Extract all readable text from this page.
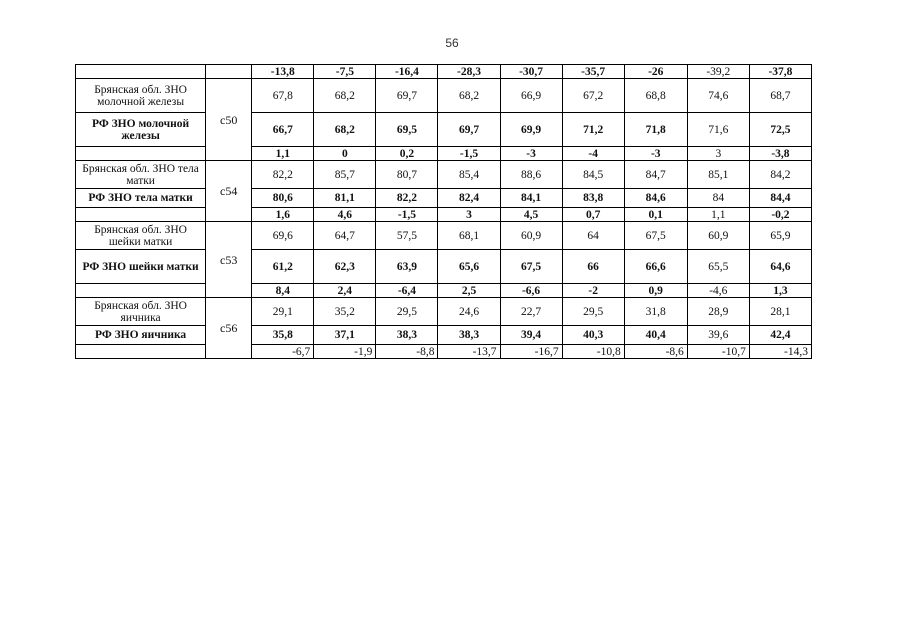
56
		-13,8	-7,5	-16,4	-28,3	-30,7	-35,7	-26	-39,2	-37,8
Брянская обл. ЗНО молочной железы	с50	67,8	68,2	69,7	68,2	66,9	67,2	68,8	74,6	68,7
РФ ЗНО молочной железы		66,7	68,2	69,5	69,7	69,9	71,2	71,8	71,6	72,5
		1,1	0	0,2	-1,5	-3	-4	-3	3	-3,8
Брянская обл. ЗНО тела матки	с54	82,2	85,7	80,7	85,4	88,6	84,5	84,7	85,1	84,2
РФ ЗНО тела матки		80,6	81,1	82,2	82,4	84,1	83,8	84,6	84	84,4
		1,6	4,6	-1,5	3	4,5	0,7	0,1	1,1	-0,2
Брянская обл. ЗНО шейки матки	с53	69,6	64,7	57,5	68,1	60,9	64	67,5	60,9	65,9
РФ ЗНО шейки матки		61,2	62,3	63,9	65,6	67,5	66	66,6	65,5	64,6
		8,4	2,4	-6,4	2,5	-6,6	-2	0,9	-4,6	1,3
Брянская обл. ЗНО яичника	с56	29,1	35,2	29,5	24,6	22,7	29,5	31,8	28,9	28,1
РФ ЗНО яичника		35,8	37,1	38,3	38,3	39,4	40,3	40,4	39,6	42,4
		-6,7	-1,9	-8,8	-13,7	-16,7	-10,8	-8,6	-10,7	-14,3
